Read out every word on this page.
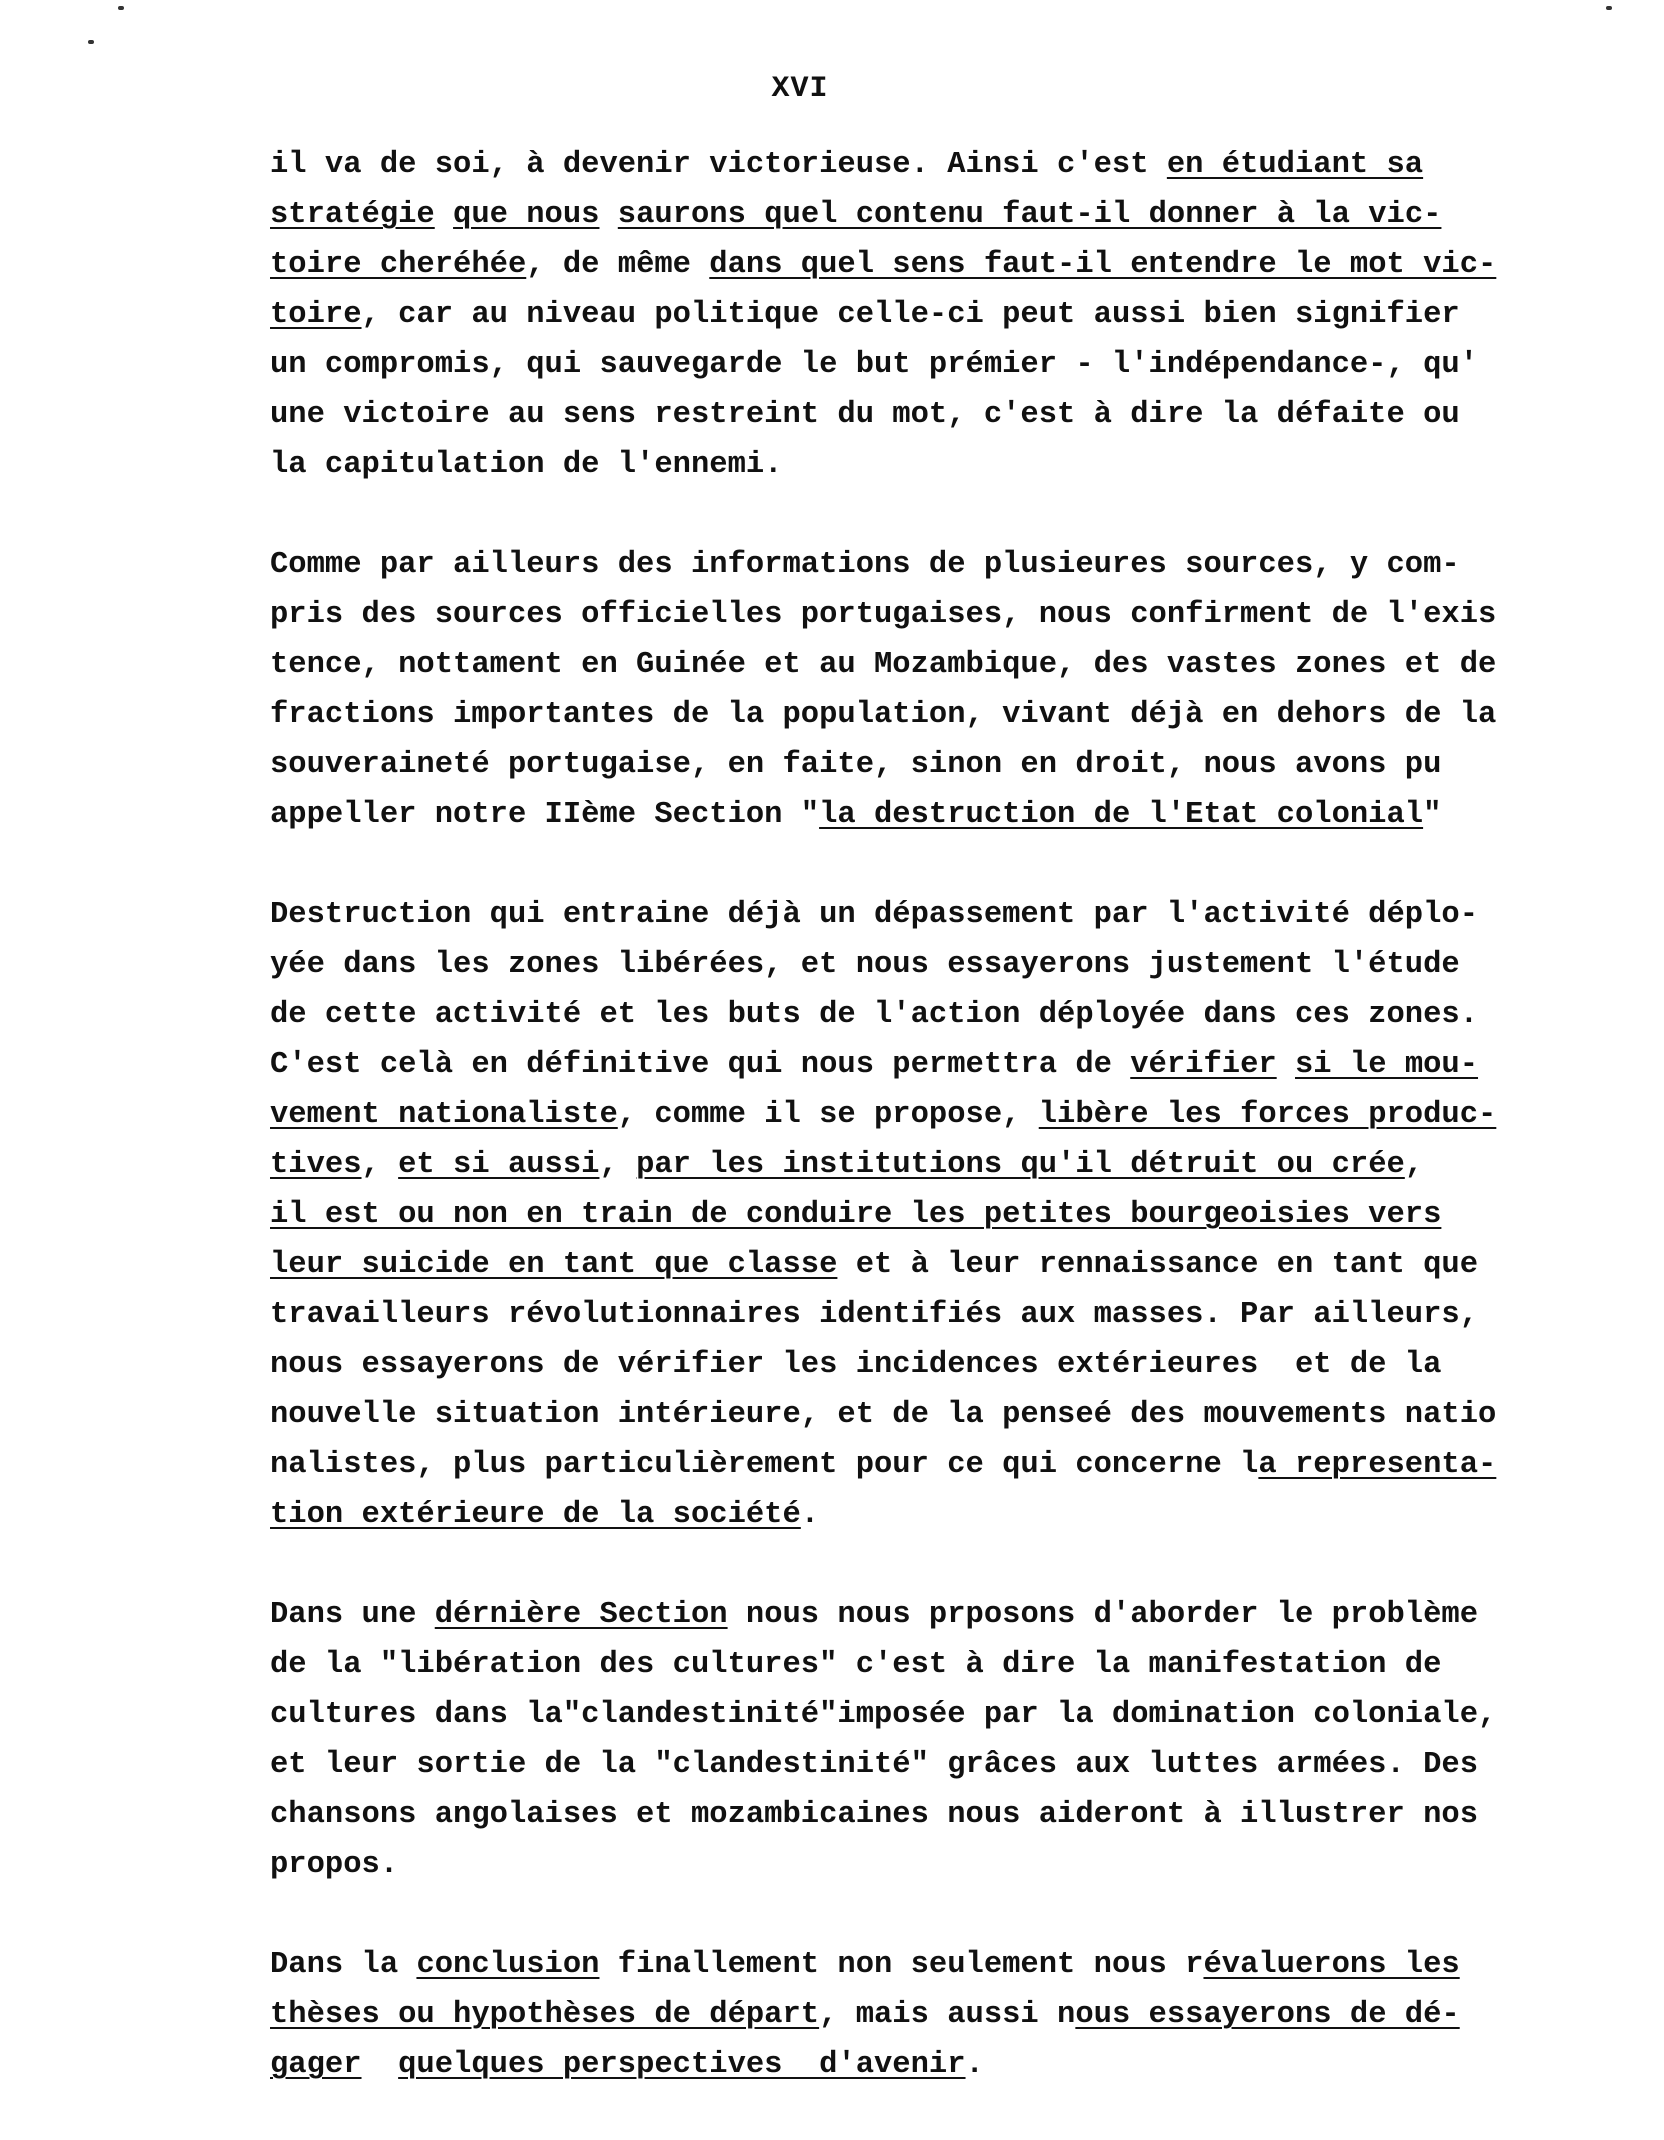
XVI
il va de soi, à devenir victorieuse. Ainsi c'est en étudiant sa
stratégie que nous saurons quel contenu faut-il donner à la vic-
toire cheréhée, de même dans quel sens faut-il entendre le mot vic-
toire, car au niveau politique celle-ci peut aussi bien signifier
un compromis, qui sauvegarde le but prémier - l'indépendance-, qu'
une victoire au sens restreint du mot, c'est à dire la défaite ou
la capitulation de l'ennemi.
Comme par ailleurs des informations de plusieures sources, y com-
pris des sources officielles portugaises, nous confirment de l'exis
tence, nottament en Guinée et au Mozambique, des vastes zones et de
fractions importantes de la population, vivant déjà en dehors de la
souveraineté portugaise, en faite, sinon en droit, nous avons pu
appeller notre IIème Section "la destruction de l'Etat colonial"
Destruction qui entraine déjà un dépassement par l'activité déplo-
yée dans les zones libérées, et nous essayerons justement l'étude
de cette activité et les buts de l'action déployée dans ces zones.
C'est celà en définitive qui nous permettra de vérifier si le mou-
vement nationaliste, comme il se propose, libère les forces produc-
tives, et si aussi, par les institutions qu'il détruit ou crée,
il est ou non en train de conduire les petites bourgeoisies vers
leur suicide en tant que classe et à leur rennaissance en tant que
travailleurs révolutionnaires identifiés aux masses. Par ailleurs,
nous essayerons de vérifier les incidences extérieures  et de la
nouvelle situation intérieure, et de la penseé des mouvements natio
nalistes, plus particulièrement pour ce qui concerne la representa-
tion extérieure de la société.
Dans une dérnière Section nous nous prposons d'aborder le problème
de la "libération des cultures" c'est à dire la manifestation de
cultures dans la"clandestinité"imposée par la domination coloniale,
et leur sortie de la "clandestinité" grâces aux luttes armées. Des
chansons angolaises et mozambicaines nous aideront à illustrer nos
propos.
Dans la conclusion finallement non seulement nous révaluerons les
thèses ou hypothèses de départ, mais aussi nous essayerons de dé-
gager quelques perspectives  d'avenir.
